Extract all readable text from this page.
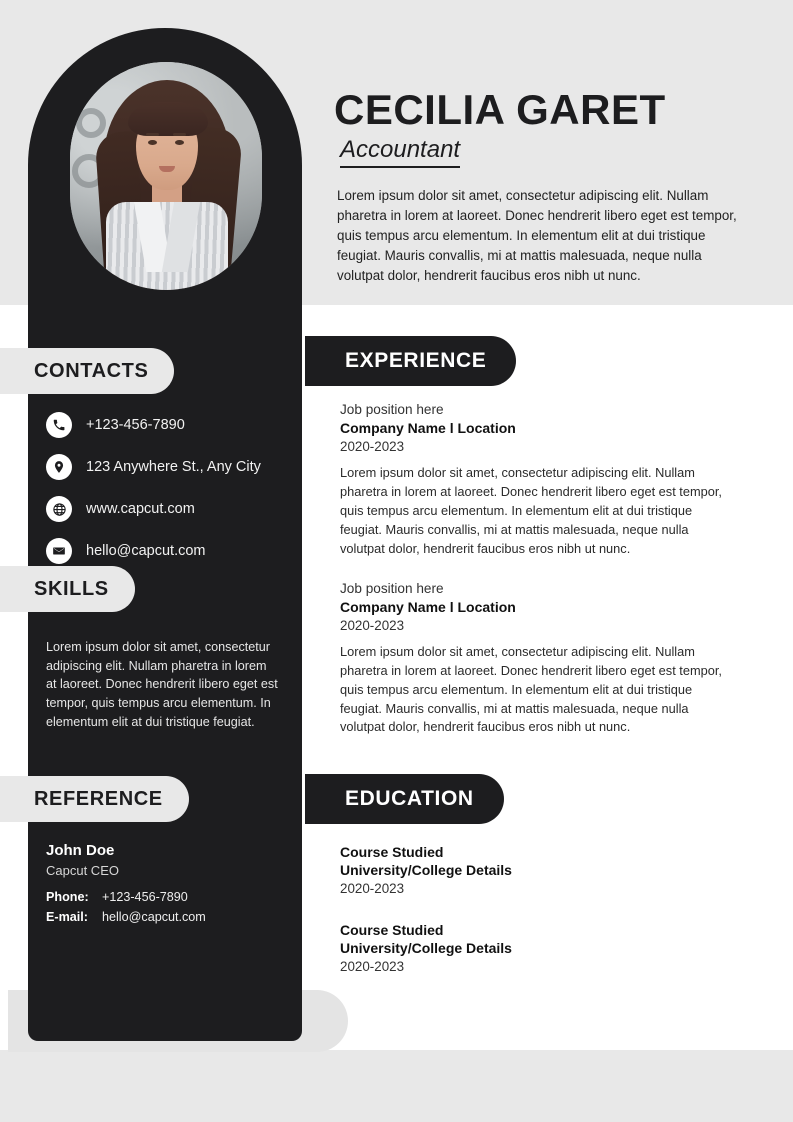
CONTACTS
+123-456-7890
123 Anywhere St., Any City
www.capcut.com
hello@capcut.com
SKILLS
Lorem ipsum dolor sit amet, consectetur adipiscing elit. Nullam pharetra in lorem at laoreet. Donec hendrerit libero eget est tempor, quis tempus arcu elementum. In elementum elit at dui tristique feugiat.
REFERENCE
John Doe
Capcut CEO
Phone:	+123-456-7890
E-mail:	hello@capcut.com
CECILIA GARET
Accountant
Lorem ipsum dolor sit amet, consectetur adipiscing elit. Nullam pharetra in lorem at laoreet. Donec hendrerit libero eget est tempor, quis tempus arcu elementum. In elementum elit at dui tristique feugiat. Mauris convallis, mi at mattis malesuada, neque nulla volutpat dolor, hendrerit faucibus eros nibh ut nunc.
EXPERIENCE
Job position here
Company Name l Location
2020-2023
Lorem ipsum dolor sit amet, consectetur adipiscing elit. Nullam pharetra in lorem at laoreet. Donec hendrerit libero eget est tempor, quis tempus arcu elementum. In elementum elit at dui tristique feugiat. Mauris convallis, mi at mattis malesuada, neque nulla volutpat dolor, hendrerit faucibus eros nibh ut nunc.
Job position here
Company Name l Location
2020-2023
Lorem ipsum dolor sit amet, consectetur adipiscing elit. Nullam pharetra in lorem at laoreet. Donec hendrerit libero eget est tempor, quis tempus arcu elementum. In elementum elit at dui tristique feugiat. Mauris convallis, mi at mattis malesuada, neque nulla volutpat dolor, hendrerit faucibus eros nibh ut nunc.
EDUCATION
Course Studied
University/College Details
2020-2023
Course Studied
University/College Details
2020-2023
